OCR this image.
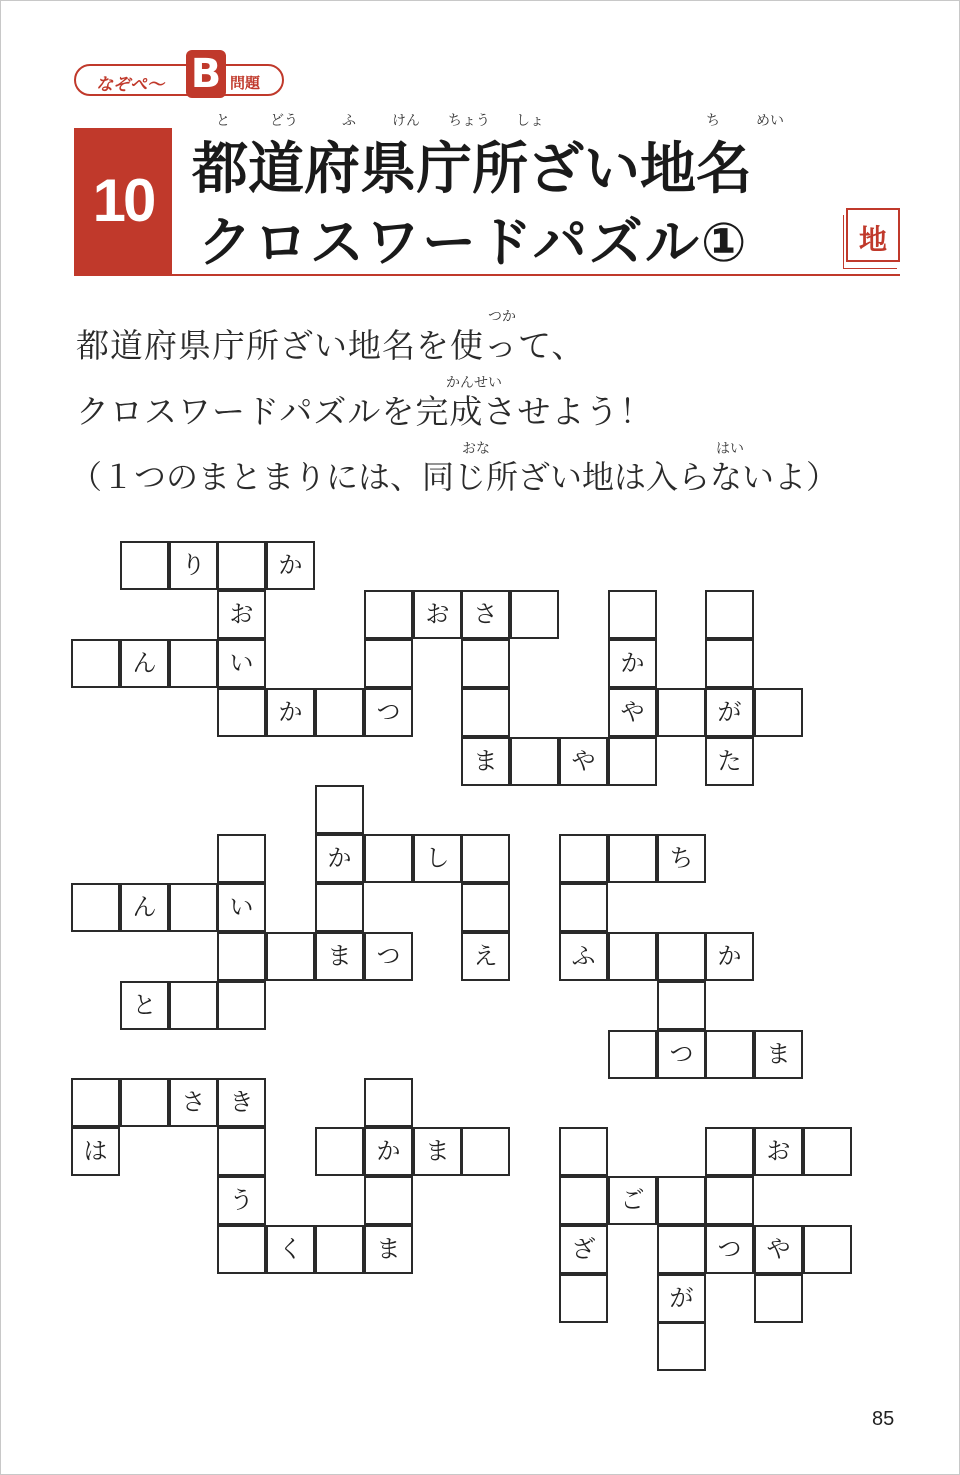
なぞぺ〜 B 問題
10
と	どう	ふ	けん ちょう しょ	ち	めい
都道府県庁所ざい地名
クロスワードパズル①	地
つか
都道府県庁所ざい地名を使って、
かんせい
クロスワードパズルを完成させよう！
おな	はい
（１つのまとまりには、同じ所ざい地は入らないよ）
り	か
お	お	さ
ん	い	か
か	つ	や	が
ま	や	た
か	し	ち
ん	い
ま	つ	え	ふ	か
と
つ	ま
さ	き
は	か	ま	お
う	ご
く	ま	ざ	つ	や
が
85
